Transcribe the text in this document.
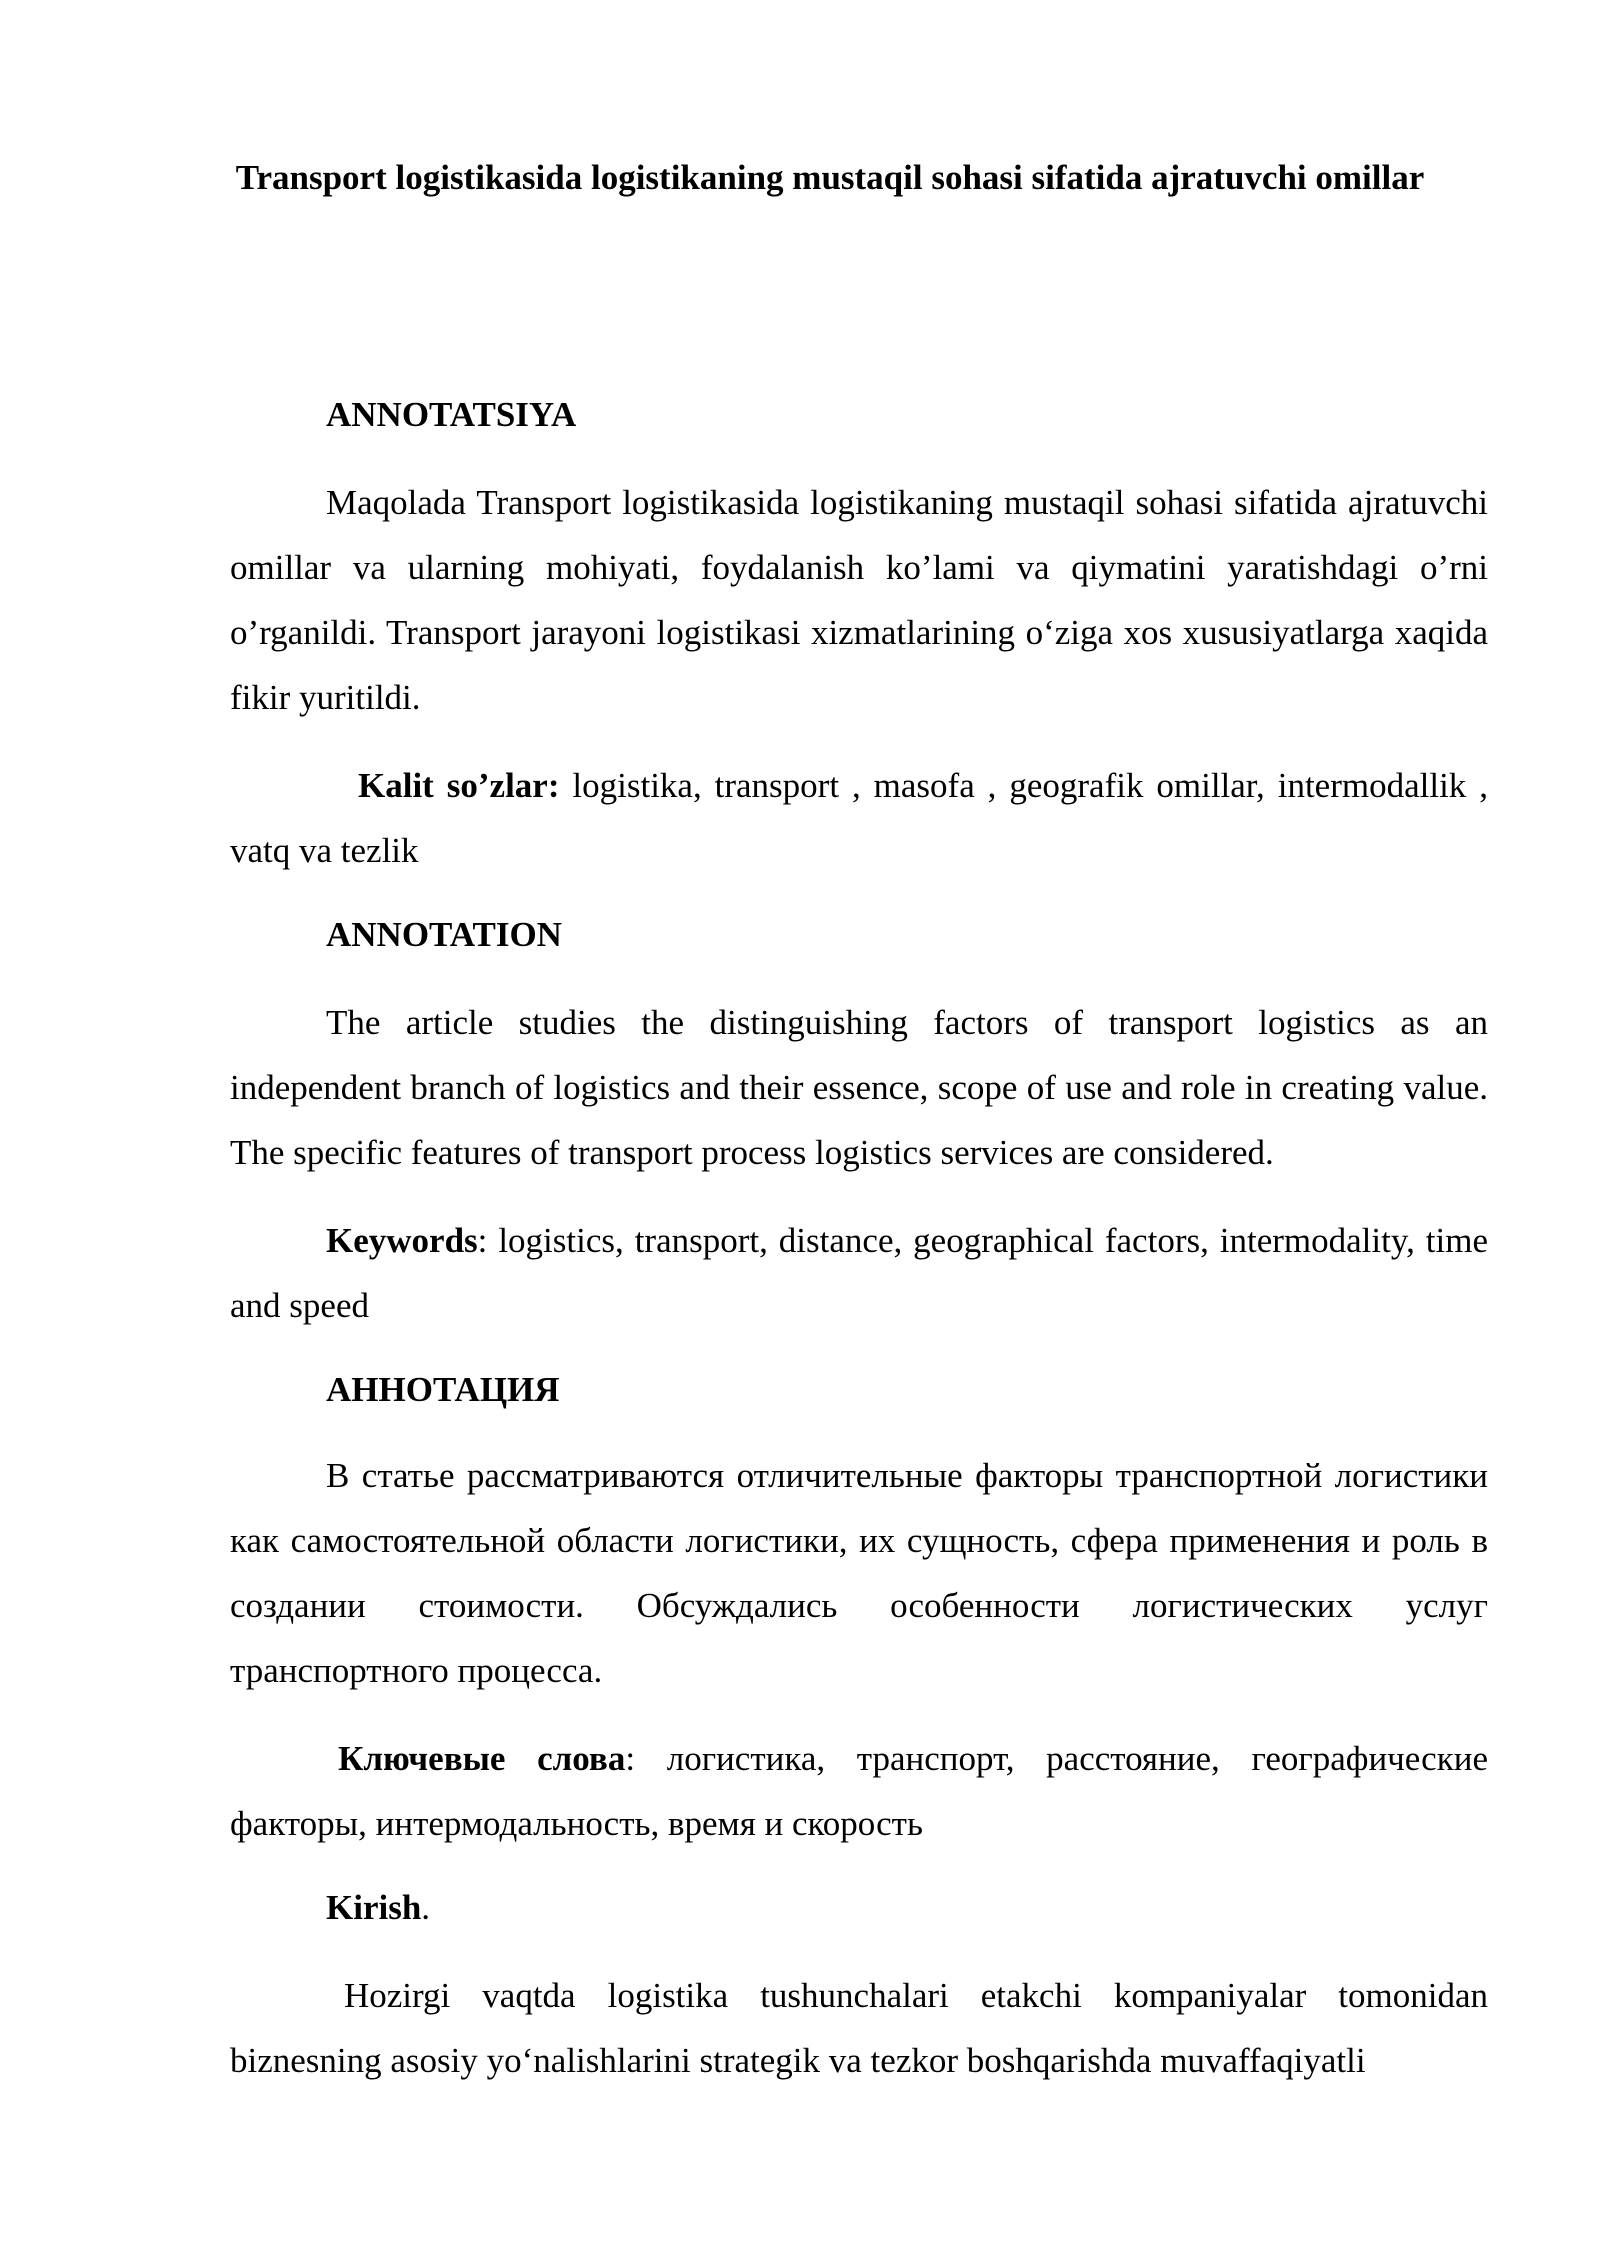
Transport logistikasida logistikaning mustaqil sohasi sifatida ajratuvchi omillar
ANNOTATSIYA

Maqolada Transport logistikasida logistikaning mustaqil sohasi sifatida ajratuvchi omillar va ularning mohiyati, foydalanish ko’lami va qiymatini yaratishdagi o’rni o’rganildi. Transport jarayoni logistikasi xizmatlarining o‘ziga xos xususiyatlarga xaqida fikir yuritildi.

Kalit so’zlar: logistika, transport , masofa , geografik omillar, intermodallik , vatq va tezlik

ANNOTATION

The article studies the distinguishing factors of transport logistics as an independent branch of logistics and their essence, scope of use and role in creating value. The specific features of transport process logistics services are considered.

Keywords: logistics, transport, distance, geographical factors, intermodality, time and speed

АННОТАЦИЯ

В статье рассматриваются отличительные факторы транспортной логистики как самостоятельной области логистики, их сущность, сфера применения и роль в создании стоимости. Обсуждались особенности логистических услуг транспортного процесса.

Ключевые слова: логистика, транспорт, расстояние, географические факторы, интермодальность, время и скорость

Kirish.

Hozirgi vaqtda logistika tushunchalari etakchi kompaniyalar tomonidan biznesning asosiy yo‘nalishlarini strategik va tezkor boshqarishda muvaffaqiyatli
